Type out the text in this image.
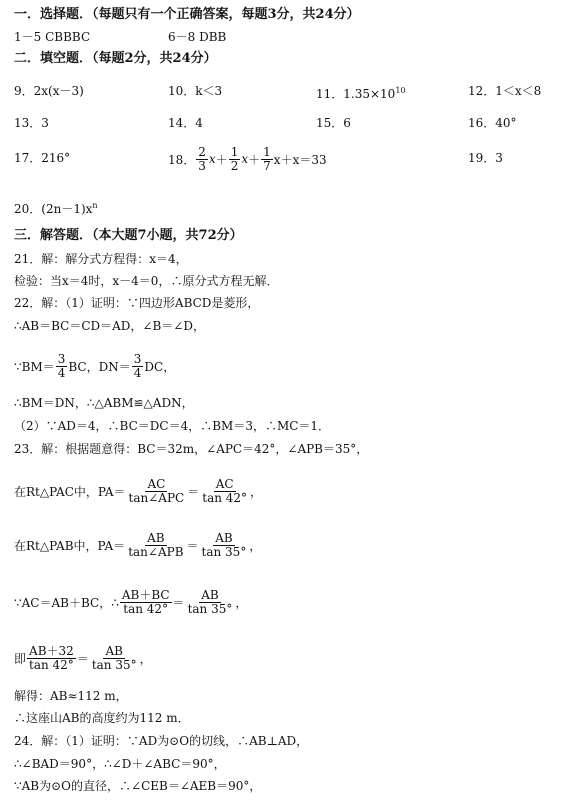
一．选择题．（每题只有一个正确答案，每题3分，共24分）
1－5 CBBBC	6－8 DBB
二．填空题．（每题2分，共24分）
9．2x(x－3)	10．k＜3	11．$1.35\times 10^{10}$	12．1＜x＜8
13．3	14．4	15．6	16．40°
17．216°	18． $\frac{2}{3}$ $x + \frac{1}{2}$ $x + \frac{1}{7} x+x=33$	19．3
20．$(2n-1)x^n$
三．解答题．（本大题7小题，共72分）
21．解：解分式方程得：x＝4，
检验：当x＝4时，x－4＝0，∴原分式方程无解．
22．解：（1）证明：∵四边形ABCD是菱形，
∴AB＝BC＝CD＝AD，∠B＝∠D，
∵BM＝ $\frac{3}{4}$ BC，$DN= \frac{3}{4}$ DC，
∴BM＝DN，∴△ABM≌△ADN，
（2）∵AD＝4，∴BC＝DC＝4，∴BM＝3，∴MC＝1．
23．解：根据题意得：BC＝32m，∠APC＝42°，∠APB＝35°，
在Rt△PAC中，$PA= \frac{AC}{\text{tan∠APC}} = \frac{AC}{\tan 42^\circ}$ ，
在Rt△PAB中，$PA= \frac{AB}{\text{tan∠APB}} = \frac{AB}{\tan 35^\circ}$ ，
∵AC＝AB＋BC，∴ $\frac{AB+BC}{\tan 42^\circ} = \frac{AB}{\tan 35^\circ}$ ，
即 $\frac{AB+32}{\tan 42^\circ} = \frac{AB}{\tan 35^\circ}$ ，
解得：AB≈112 m，
∴这座山AB的高度约为112 m．
24．解：（1）证明：∵AD为⊙O的切线，∴AB⊥AD，
∴∠BAD＝90°，∴∠D＋∠ABC＝90°，
∵AB为⊙O的直径，∴∠CEB＝∠AEB＝90°，
